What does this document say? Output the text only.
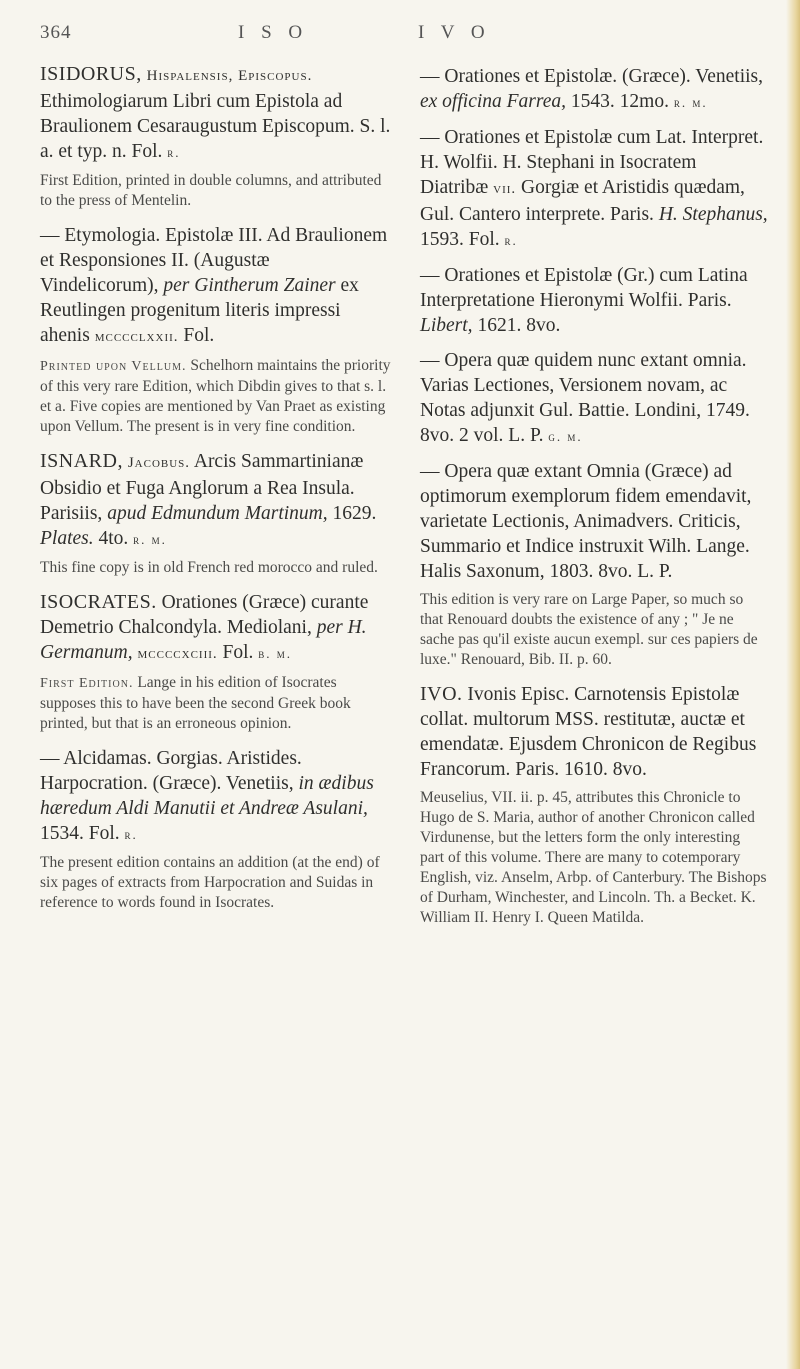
364	I S O	I V O

ISIDORUS, Hispalensis, Episcopus. Ethimologiarum Libri cum Epistola ad Braulionem Cesaraugustum Episcopum. S. l. a. et typ. n. Fol. r.

First Edition, printed in double columns, and attributed to the press of Mentelin.

— Etymologia. Epistolæ III. Ad Braulionem et Responsiones II. (Augustæ Vindelicorum), per Gintherum Zainer ex Reutlingen progenitum literis impressi ahenis mcccclxxii. Fol.

Printed upon Vellum. Schelhorn maintains the priority of this very rare Edition, which Dibdin gives to that s. l. et a. Five copies are mentioned by Van Praet as existing upon Vellum. The present is in very fine condition.

ISNARD, Jacobus. Arcis Sammartinianæ Obsidio et Fuga Anglorum a Rea Insula. Parisiis, apud Edmundum Martinum, 1629. Plates. 4to. r. m.

This fine copy is in old French red morocco and ruled.

ISOCRATES. Orationes (Græce) curante Demetrio Chalcondyla. Mediolani, per H. Germanum, mccccxciii. Fol. b. m.

First Edition. Lange in his edition of Isocrates supposes this to have been the second Greek book printed, but that is an erroneous opinion.

— Alcidamas. Gorgias. Aristides. Harpocration. (Græce). Venetiis, in ædibus hæredum Aldi Manutii et Andreæ Asulani, 1534. Fol. r.

The present edition contains an addition (at the end) of six pages of extracts from Harpocration and Suidas in reference to words found in Isocrates.

— Orationes et Epistolæ. (Græce). Venetiis, ex officina Farrea, 1543. 12mo. r. m.

— Orationes et Epistolæ cum Lat. Interpret. H. Wolfii. H. Stephani in Isocratem Diatribæ vii. Gorgiæ et Aristidis quædam, Gul. Cantero interprete. Paris. H. Stephanus, 1593. Fol. r.

— Orationes et Epistolæ (Gr.) cum Latina Interpretatione Hieronymi Wolfii. Paris. Libert, 1621. 8vo.

— Opera quæ quidem nunc extant omnia. Varias Lectiones, Versionem novam, ac Notas adjunxit Gul. Battie. Londini, 1749. 8vo. 2 vol. L. P. g. m.

— Opera quæ extant Omnia (Græce) ad optimorum exemplorum fidem emendavit, varietate Lectionis, Animadvers. Criticis, Summario et Indice instruxit Wilh. Lange. Halis Saxonum, 1803. 8vo. L. P.

This edition is very rare on Large Paper, so much so that Renouard doubts the existence of any ; " Je ne sache pas qu'il existe aucun exempl. sur ces papiers de luxe." Renouard, Bib. II. p. 60.

IVO. Ivonis Episc. Carnotensis Epistolæ collat. multorum MSS. restitutæ, auctæ et emendatæ. Ejusdem Chronicon de Regibus Francorum. Paris. 1610. 8vo.

Meuselius, VII. ii. p. 45, attributes this Chronicle to Hugo de S. Maria, author of another Chronicon called Virdunense, but the letters form the only interesting part of this volume. There are many to cotemporary English, viz. Anselm, Arbp. of Canterbury. The Bishops of Durham, Winchester, and Lincoln. Th. a Becket. K. William II. Henry I. Queen Matilda.
